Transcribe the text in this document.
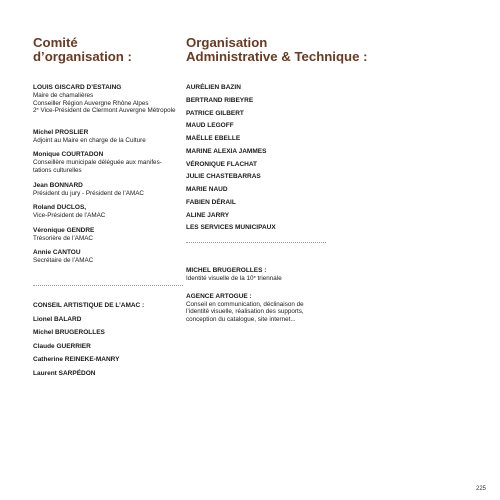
Comité
d’organisation :
LOUIS GISCARD D’ESTAING
Maire de chamalières
Conseiller Région Auvergne Rhône Alpes
2e Vice-Président de Clermont Auvergne Métropole
Michel PROSLIER
Adjoint au Maire en charge de la Culture
Monique COURTADON
Conseillère municipale déléguée aux manifes-
tations culturelles
Jean BONNARD
Président du jury - Président de l’AMAC
Roland DUCLOS,
Vice-Président de l’AMAC
Véronique GENDRE
Trésorière de l’AMAC
Annie CANTOU
Secrétaire de l’AMAC
CONSEIL ARTISTIQUE DE L’AMAC :
Lionel BALARD
Michel BRUGEROLLES
Claude GUERRIER
Catherine REINEKE-MANRY
Laurent SARPÉDON
Organisation
Administrative & Technique :
AURÉLIEN BAZIN
BERTRAND RIBEYRE
PATRICE GILBERT
MAUD LEGOFF
MAËLLE EBELLE
MARINE ALEXIA JAMMES
VÉRONIQUE FLACHAT
JULIE CHASTEBARRAS
MARIE NAUD
FABIEN DÉRAIL
ALINE JARRY
LES SERVICES MUNICIPAUX
MICHEL BRUGEROLLES :
Identité visuelle de la 10e triennale
AGENCE ARTOGUE :
Conseil en communication, déclinaison de
l’identité visuelle, réalisation des supports,
conception du catalogue, site internet...
225
